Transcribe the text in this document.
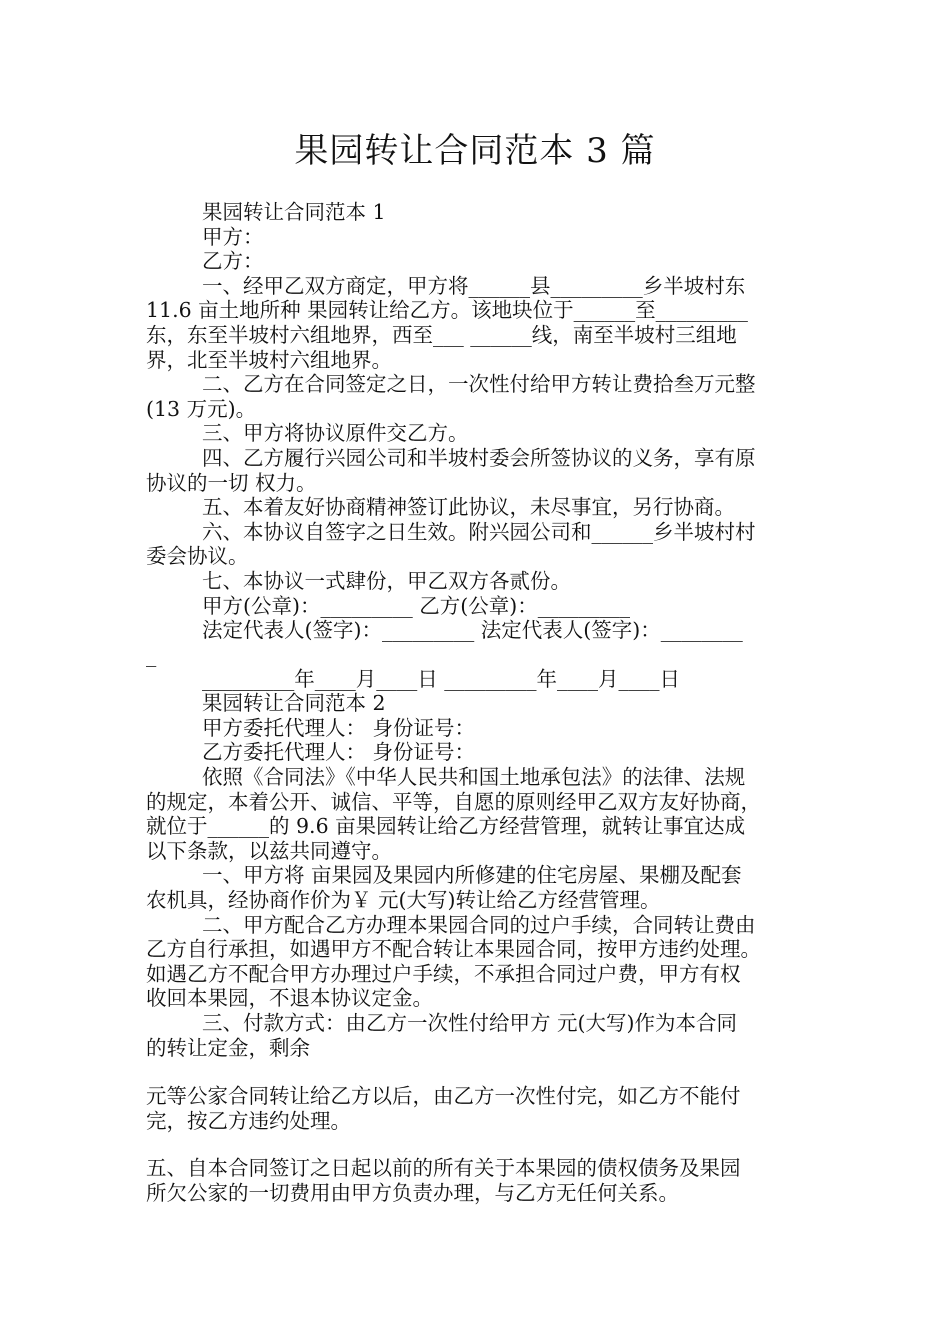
果园转让合同范本 3 篇

果园转让合同范本 1

甲方：

乙方：

一、经甲乙双方商定，甲方将______县_________乡半坡村东

11.6 亩土地所种 果园转让给乙方。该地块位于______至_________

东，东至半坡村六组地界，西至___ ______线，南至半坡村三组地

界，北至半坡村六组地界。

二、乙方在合同签定之日，一次性付给甲方转让费拾叁万元整

(13 万元)。

三、甲方将协议原件交乙方。

四、乙方履行兴园公司和半坡村委会所签协议的义务，享有原

协议的一切 权力。

五、本着友好协商精神签订此协议，未尽事宜，另行协商。

六、本协议自签字之日生效。附兴园公司和______乡半坡村村

委会协议。

七、本协议一式肆份，甲乙双方各贰份。

甲方(公章)：_________ 乙方(公章)：_________

法定代表人(签字)：_________ 法定代表人(签字)：________

_

_________年____月____日 _________年____月____日

果园转让合同范本 2

甲方委托代理人： 身份证号：

乙方委托代理人： 身份证号：

依照《合同法》《中华人民共和国土地承包法》的法律、法规

的规定，本着公开、诚信、平等，自愿的原则经甲乙双方友好协商，

就位于______的 9.6 亩果园转让给乙方经营管理，就转让事宜达成

以下条款，以兹共同遵守。

一、甲方将 亩果园及果园内所修建的住宅房屋、果棚及配套

农机具，经协商作价为￥ 元(大写)转让给乙方经营管理。

二、甲方配合乙方办理本果园合同的过户手续，合同转让费由

乙方自行承担，如遇甲方不配合转让本果园合同，按甲方违约处理。

如遇乙方不配合甲方办理过户手续，不承担合同过户费，甲方有权

收回本果园，不退本协议定金。

三、付款方式：由乙方一次性付给甲方 元(大写)作为本合同

的转让定金，剩余

元等公家合同转让给乙方以后，由乙方一次性付完，如乙方不能付

完，按乙方违约处理。

五、自本合同签订之日起以前的所有关于本果园的债权债务及果园

所欠公家的一切费用由甲方负责办理，与乙方无任何关系。
